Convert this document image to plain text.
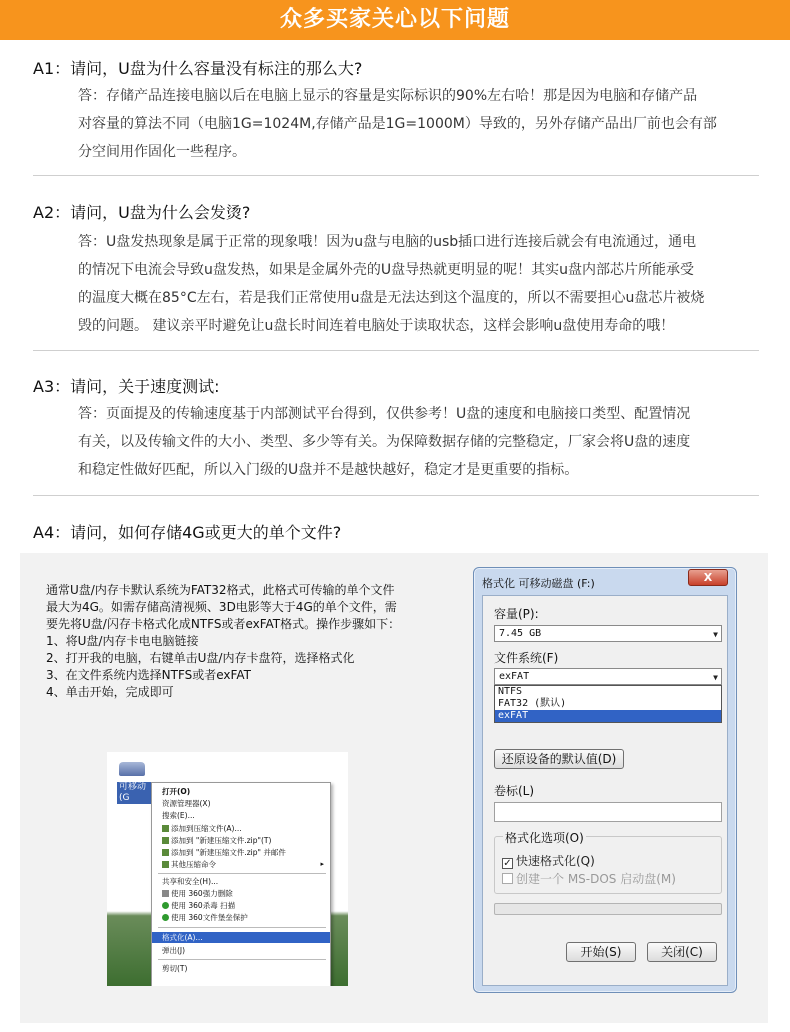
众多买家关心以下问题
A1：请问，U盘为什么容量没有标注的那么大?
答：存储产品连接电脑以后在电脑上显示的容量是实际标识的90%左右哈！那是因为电脑和存储产品
对容量的算法不同（电脑1G=1024M,存储产品是1G=1000M）导致的，另外存储产品出厂前也会有部
分空间用作固化一些程序。
A2：请问，U盘为什么会发烫?
答：U盘发热现象是属于正常的现象哦！因为u盘与电脑的usb插口进行连接后就会有电流通过，通电
的情况下电流会导致u盘发热，如果是金属外壳的U盘导热就更明显的呢！其实u盘内部芯片所能承受
的温度大概在85°C左右，若是我们正常使用u盘是无法达到这个温度的，所以不需要担心u盘芯片被烧
毁的问题。 建议亲平时避免让u盘长时间连着电脑处于读取状态，这样会影响u盘使用寿命的哦！
A3：请问，关于速度测试:
答：页面提及的传输速度基于内部测试平台得到，仅供参考！U盘的速度和电脑接口类型、配置情况
有关，以及传输文件的大小、类型、多少等有关。为保障数据存储的完整稳定，厂家会将U盘的速度
和稳定性做好匹配，所以入门级的U盘并不是越快越好，稳定才是更重要的指标。
A4：请问，如何存储4G或更大的单个文件?
通常U盘/内存卡默认系统为FAT32格式，此格式可传输的单个文件
最大为4G。如需存储高清视频、3D电影等大于4G的单个文件，需
要先将U盘/闪存卡格式化成NTFS或者exFAT格式。操作步骤如下：
1、将U盘/内存卡电电脑链接
2、打开我的电脑，右键单击U盘/内存卡盘符，选择格式化
3、在文件系统内选择NTFS或者exFAT
4、单击开始，完成即可
可移动
(G
打开(O)
资源管理器(X)
搜索(E)...
添加到压缩文件(A)...
添加到 "新建压缩文件.zip"(T)
添加到 "新建压缩文件.zip" 并邮件
其他压缩命令	▸
共享和安全(H)...
使用 360强力删除
使用 360杀毒 扫描
使用 360文件堡垒保护
格式化(A)...
弹出(J)
剪切(T)
格式化 可移动磁盘 (F:)	X
容量(P):
7.45 GB	▼
文件系统(F)
exFAT	▼
NTFS
FAT32 (默认)
exFAT
还原设备的默认值(D)
卷标(L)
格式化选项(O)
✓ 快速格式化(Q)
创建一个 MS-DOS 启动盘(M)
开始(S)	关闭(C)
